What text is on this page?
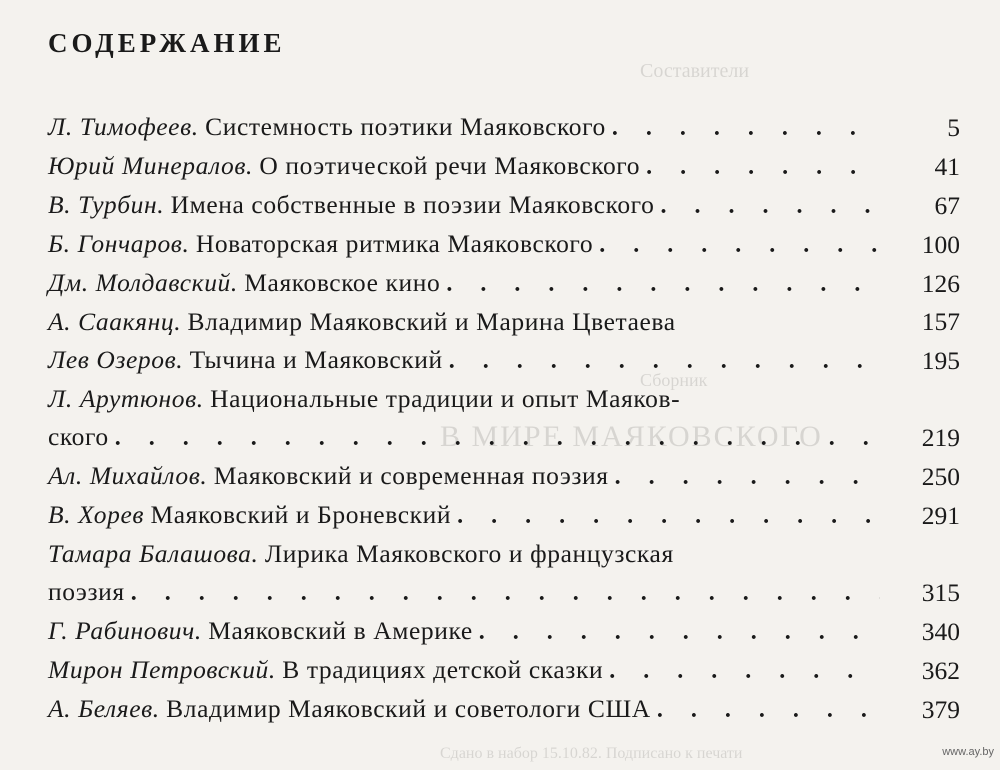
Составители
В МИРЕ МАЯКОВСКОГО
Сборник
Сдано в набор 15.10.82. Подписано к печати
СОДЕРЖАНИЕ
Л. Тимофеев.
Системность поэтики Маяковского . . .	5
Юрий Минералов.
О поэтической речи Маяковского . . .	41
В. Турбин.
Имена собственные в поэзии Маяковского . . .	67
Б. Гончаров.
Новаторская ритмика Маяковского . . .	100
Дм. Молдавский.
Маяковское кино . . .	126
А. Саакянц.
Владимир Маяковский и Марина Цветаева	157
Лев Озеров.
Тычина и Маяковский . . .	195
Л. Арутюнов.
Национальные традиции и опыт Маяков-
ского . . .	219
Ал. Михайлов.
Маяковский и современная поэзия . . .	250
В. Хорев
Маяковский и Броневский . . .	291
Тамара Балашова.
Лирика Маяковского и французская
поэзия . . .	315
Г. Рабинович.
Маяковский в Америке . . .	340
Мирон Петровский.
В традициях детской сказки . . .	362
А. Беляев.
Владимир Маяковский и советологи США . . .	379
www.ay.by
